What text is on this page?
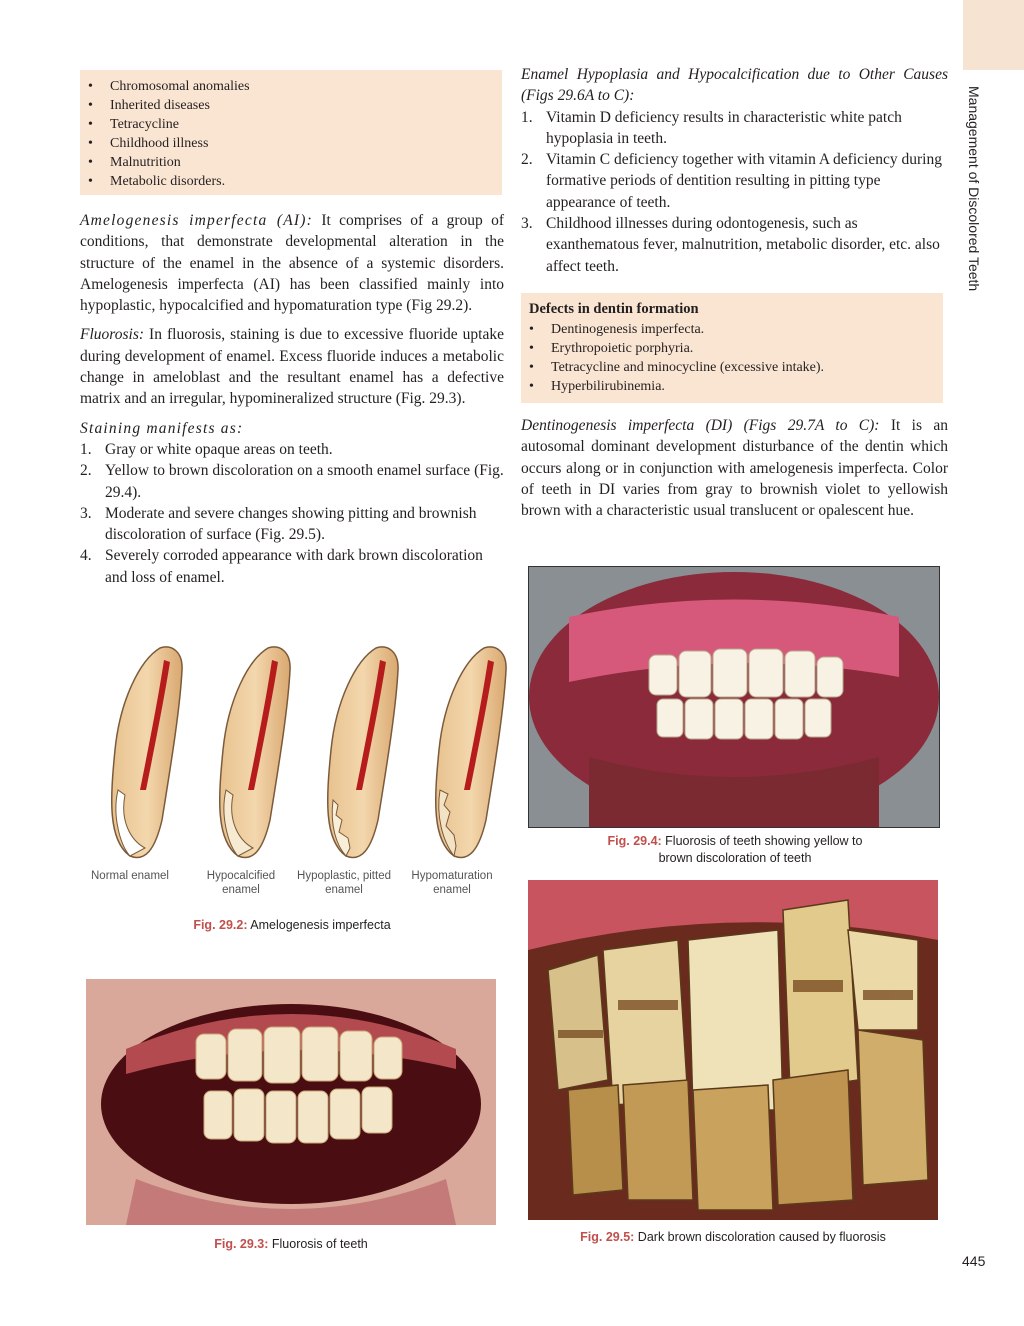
Management of Discolored Teeth
445
• Chromosomal anomalies
• Inherited diseases
• Tetracycline
• Childhood illness
• Malnutrition
• Metabolic disorders.

Amelogenesis imperfecta (AI): It comprises of a group of conditions, that demonstrate developmental alteration in the structure of the enamel in the absence of a systemic disorders. Amelogenesis imperfecta (AI) has been classified mainly into hypoplastic, hypocalcified and hypomaturation type (Fig 29.2).

Fluorosis: In fluorosis, staining is due to excessive fluoride uptake during development of enamel. Excess fluoride induces a metabolic change in ameloblast and the resultant enamel has a defective matrix and an irregular, hypomineralized structure (Fig. 29.3).

Staining manifests as:

1. Gray or white opaque areas on teeth.
2. Yellow to brown discoloration on a smooth enamel surface (Fig. 29.4).
3. Moderate and severe changes showing pitting and brownish discoloration of surface (Fig. 29.5).
4. Severely corroded appearance with dark brown discoloration and loss of enamel.

Enamel Hypoplasia and Hypocalcification due to Other Causes (Figs 29.6A to C):

1. Vitamin D deficiency results in characteristic white patch hypoplasia in teeth.
2. Vitamin C deficiency together with vitamin A deficiency during formative periods of dentition resulting in pitting type appearance of teeth.
3. Childhood illnesses during odontogenesis, such as exanthematous fever, malnutrition, metabolic disorder, etc. also affect teeth.
Defects in dentin formation
• Dentinogenesis imperfecta.
• Erythropoietic porphyria.
• Tetracycline and minocycline (excessive intake).
• Hyperbilirubinemia.

Dentinogenesis imperfecta (DI) (Figs 29.7A to C): It is an autosomal dominant development disturbance of the dentin which occurs along or in conjunction with amelogenesis imperfecta. Color of teeth in DI varies from gray to brownish violet to yellowish brown with a characteristic usual translucent or opalescent hue.

Normal enamel	Hypocalcified enamel
Hypoplastic, pitted enamel
Hypomaturation enamel
Fig. 29.2: Amelogenesis imperfecta
Fig. 29.3: Fluorosis of teeth
Fig. 29.4: Fluorosis of teeth showing yellow to brown discoloration of teeth
Fig. 29.5: Dark brown discoloration caused by fluorosis
